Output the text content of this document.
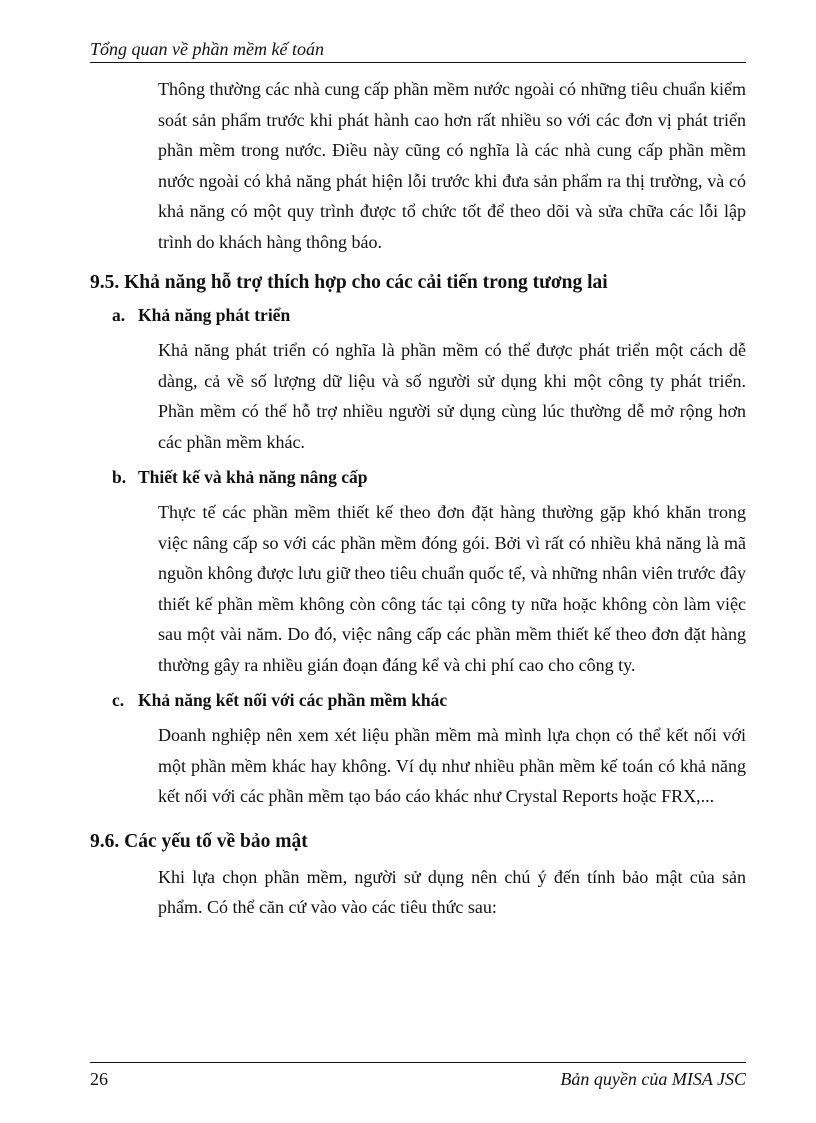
Tổng quan về phần mềm kế toán

Thông thường các nhà cung cấp phần mềm nước ngoài có những tiêu chuẩn kiểm soát sản phẩm trước khi phát hành cao hơn rất nhiều so với các đơn vị phát triển phần mềm trong nước. Điều này cũng có nghĩa là các nhà cung cấp phần mềm nước ngoài có khả năng phát hiện lỗi trước khi đưa sản phẩm ra thị trường, và có khả năng có một quy trình được tổ chức tốt để theo dõi và sửa chữa các lỗi lập trình do khách hàng thông báo.

9.5. Khả năng hỗ trợ thích hợp cho các cải tiến trong tương lai
a. Khả năng phát triển

Khả năng phát triển có nghĩa là phần mềm có thể được phát triển một cách dễ dàng, cả về số lượng dữ liệu và số người sử dụng khi một công ty phát triển. Phần mềm có thể hỗ trợ nhiều người sử dụng cùng lúc thường dễ mở rộng hơn các phần mềm khác.

b. Thiết kế và khả năng nâng cấp

Thực tế các phần mềm thiết kế theo đơn đặt hàng thường gặp khó khăn trong việc nâng cấp so với các phần mềm đóng gói. Bởi vì rất có nhiều khả năng là mã nguồn không được lưu giữ theo tiêu chuẩn quốc tế, và những nhân viên trước đây thiết kế phần mềm không còn công tác tại công ty nữa hoặc không còn làm việc sau một vài năm. Do đó, việc nâng cấp các phần mềm thiết kế theo đơn đặt hàng thường gây ra nhiều gián đoạn đáng kể và chi phí cao cho công ty.

c. Khả năng kết nối với các phần mềm khác

Doanh nghiệp nên xem xét liệu phần mềm mà mình lựa chọn có thể kết nối với một phần mềm khác hay không. Ví dụ như nhiều phần mềm kế toán có khả năng kết nối với các phần mềm tạo báo cáo khác như Crystal Reports hoặc FRX,...

9.6. Các yếu tố về bảo mật

Khi lựa chọn phần mềm, người sử dụng nên chú ý đến tính bảo mật của sản phẩm. Có thể căn cứ vào vào các tiêu thức sau:

26	Bản quyền của MISA JSC
